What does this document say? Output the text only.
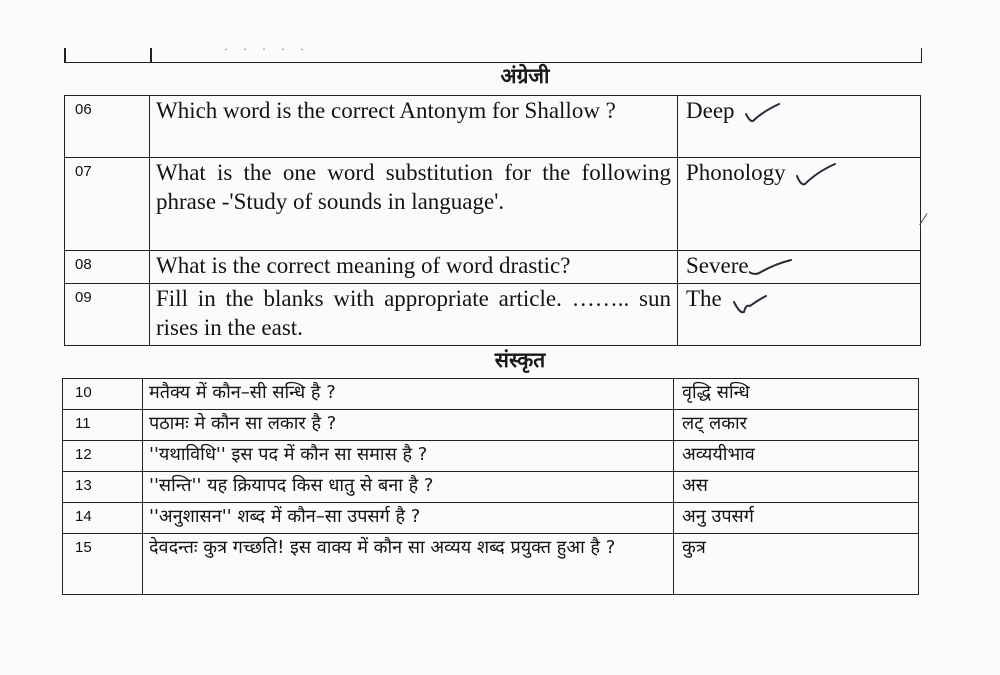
· · · · ·
अंग्रेजी
06	Which word is the correct Antonym for Shallow ?	Deep
07	What is the one word substitution for the following phrase -'Study of sounds in language'.	Phonology
08	What is the correct meaning of word drastic?	Severe
09	Fill in the blanks with appropriate article. …….. sun rises in the east.	The
संस्कृत
10	मतैक्य में कौन–सी सन्धि है ?	वृद्धि सन्धि
11	पठामः मे कौन सा लकार है ?	लट् लकार
12	''यथाविधि'' इस पद में कौन सा समास है ?	अव्ययीभाव
13	''सन्ति'' यह क्रियापद किस धातु से बना है ?	अस
14	''अनुशासन'' शब्द में कौन–सा उपसर्ग है ?	अनु उपसर्ग
15	देवदन्तः कुत्र गच्छति! इस वाक्य में कौन सा अव्यय शब्द प्रयुक्त हुआ है ?	कुत्र
⁄
